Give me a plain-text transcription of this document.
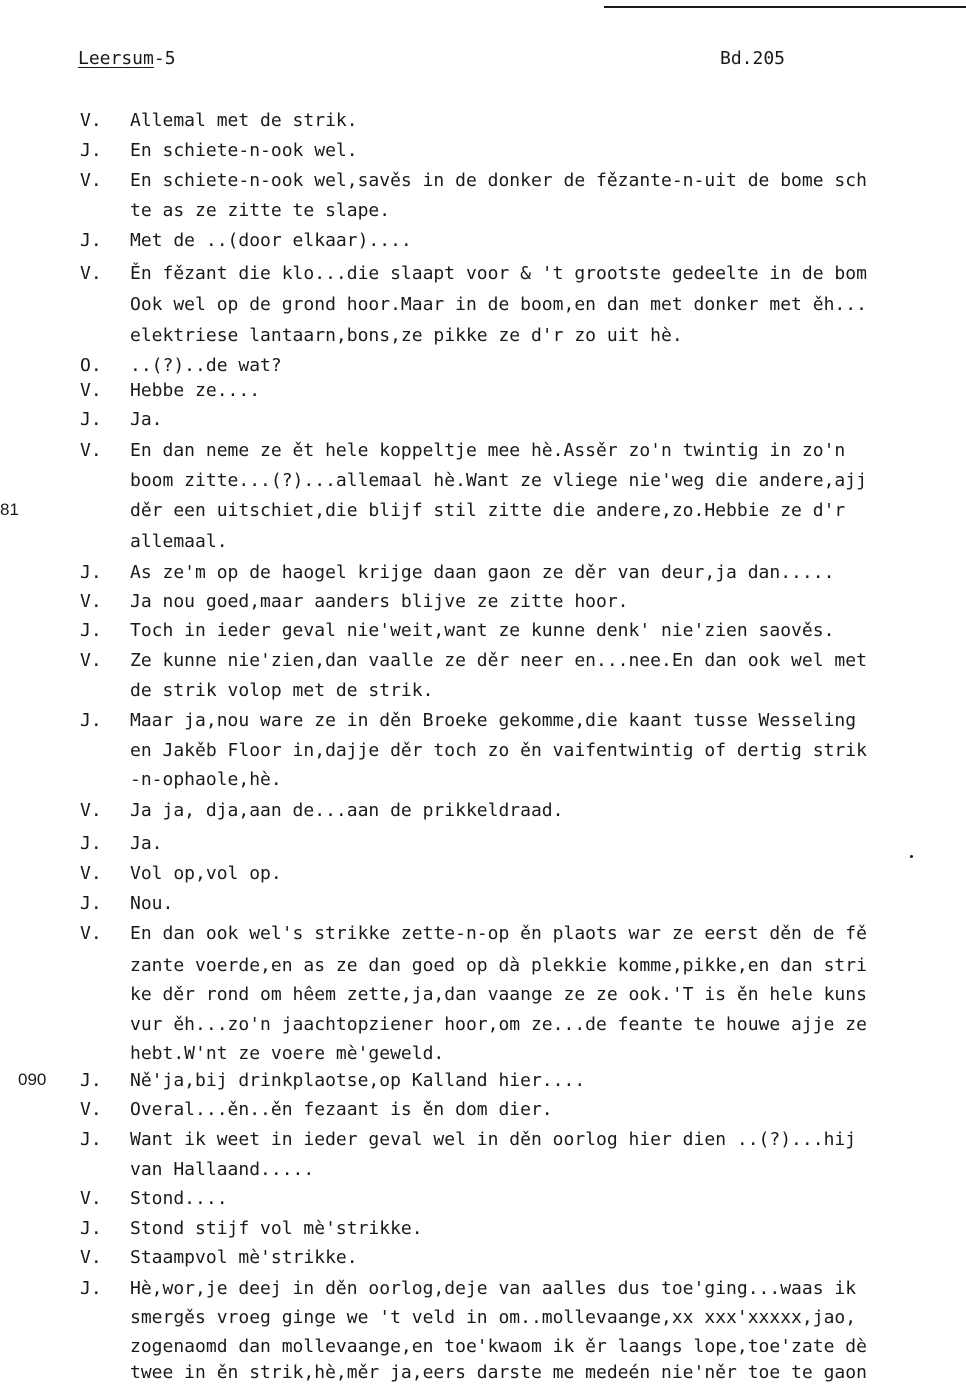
Leersum-5	Bd.205
V. Allemal met de strik.
J. En schiete-n-ook wel.
V. En schiete-n-ook wel,savěs in de donker de fězante-n-uit de bome sch
te as ze zitte te slape.
J. Met de ..(door elkaar)....
V. Ěn fězant die klo...die slaapt voor & 't grootste gedeelte in de bom
Ook wel op de grond hoor.Maar in de boom,en dan met donker met ěh...
elektriese lantaarn,bons,ze pikke ze d'r zo uit hè.
O. ..(?)..de wat?
V. Hebbe ze....
J. Ja.
V. En dan neme ze ět hele koppeltje mee hè.Assěr zo'n twintig in zo'n
boom zitte...(?)...allemaal hè.Want ze vliege nie'weg die andere,ajj
81	děr een uitschiet,die blijf stil zitte die andere,zo.Hebbie ze d'r
allemaal.
J. As ze'm op de haogel krijge daan gaon ze děr van deur,ja dan.....
V. Ja nou goed,maar aanders blijve ze zitte hoor.
J. Toch in ieder geval nie'weit,want ze kunne denk' nie'zien saověs.
V. Ze kunne nie'zien,dan vaalle ze děr neer en...nee.En dan ook wel met
de strik volop met de strik.
J. Maar ja,nou ware ze in děn Broeke gekomme,die kaant tusse Wesseling
en Jakěb Floor in,dajje děr toch zo ěn vaifentwintig of dertig strik
-n-ophaole,hè.
V. Ja ja, dja,aan de...aan de prikkeldraad.
J. Ja.
V. Vol op,vol op.
J. Nou.
V. En dan ook wel's strikke zette-n-op ěn plaots war ze eerst děn de fě
zante voerde,en as ze dan goed op dà plekkie komme,pikke,en dan stri
ke děr rond om hêem zette,ja,dan vaange ze ze ook.'T is ěn hele kuns
vur ěh...zo'n jaachtopziener hoor,om ze...de feante te houwe ajje ze
hebt.W'nt ze voere mè'geweld.
090 J. Ně'ja,bij drinkplaotse,op Kalland hier....
V. Overal...ěn..ěn fezaant is ěn dom dier.
J. Want ik weet in ieder geval wel in děn oorlog hier dien ..(?)...hij
van Hallaand.....
V. Stond....
J. Stond stijf vol mè'strikke.
V. Staampvol mè'strikke.
J. Hè,wor,je deej in děn oorlog,deje van aalles dus toe'ging...waas ik
smergěs vroeg ginge we 't veld in om..mollevaange,xx xxx'xxxxx,jao,
zogenaomd dan mollevaange,en toe'kwaom ik ěr laangs lope,toe'zate dè
twee in ěn strik,hè,měr ja,eers darste me medeén nie'něr toe te gaon
